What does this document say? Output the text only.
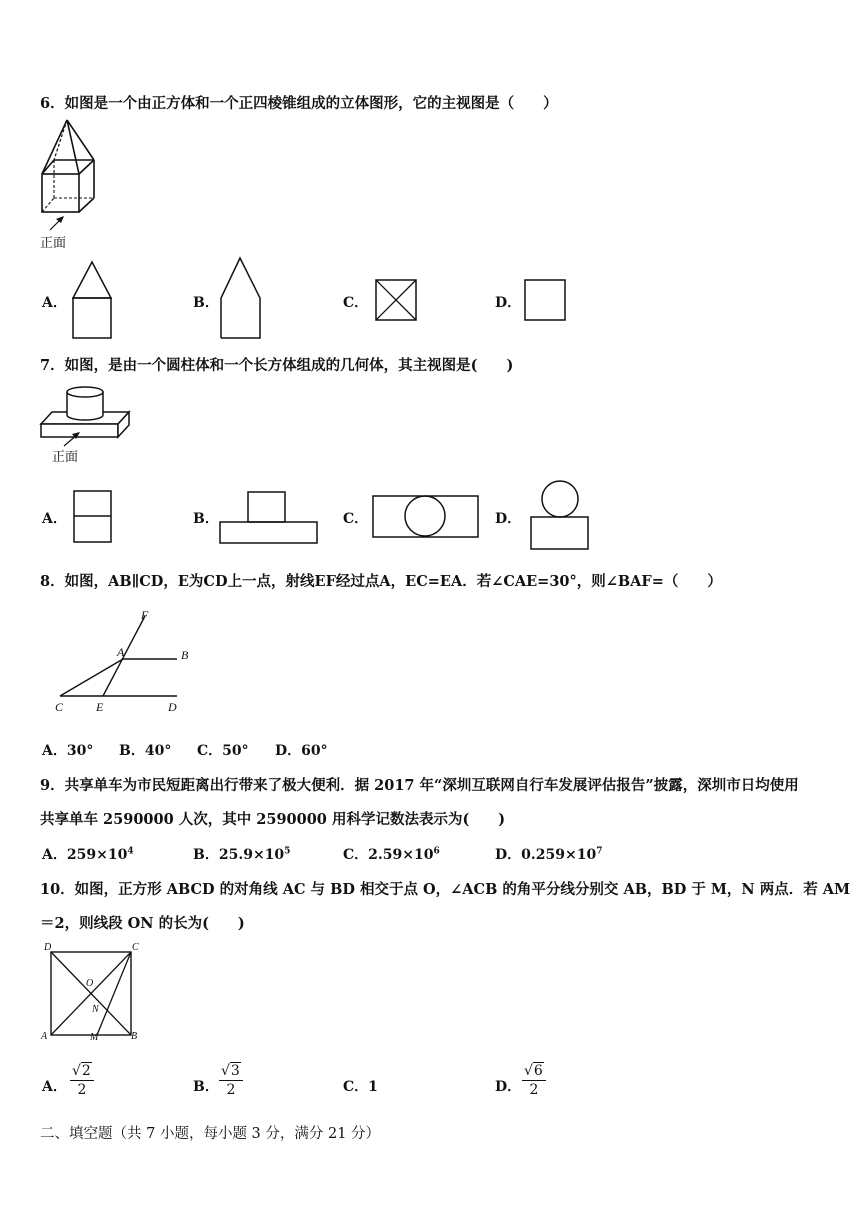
6．如图是一个由正方体和一个正四棱锥组成的立体图形，它的主视图是（　　）
正面
A．	B．	C．	D．
7．如图，是由一个圆柱体和一个长方体组成的几何体，其主视图是(　　)
正面
A．	B．	C．	D．
8．如图，AB∥CD，E为CD上一点，射线EF经过点A，EC=EA．若∠CAE=30°，则∠BAF=（　　）
F
A	B
C	E	D
A．30° B．40° C．50° D．60°
9．共享单车为市民短距离出行带来了极大便利．据 2017 年“深圳互联网自行车发展评估报告”披露，深圳市日均使用
共享单车 2590000 人次，其中 2590000 用科学记数法表示为(　　)
A．$259\times 10^4$	B．$25.9\times 10^5$	C．$2.59\times 10^6$	D．$0.259\times 10^7$
10．如图，正方形 ABCD 的对角线 AC 与 BD 相交于点 O，∠ACB 的角平分线分别交 AB，BD 于 M，N 两点．若 AM
＝2，则线段 ON 的长为(　　)
D	C
O
N
A	M	B
A． $\frac{√2}{2}$	B． $\frac{√3}{2}$	C．1	D． $\frac{√6}{2}$
二、填空题（共 7 小题，每小题 3 分，满分 21 分）
